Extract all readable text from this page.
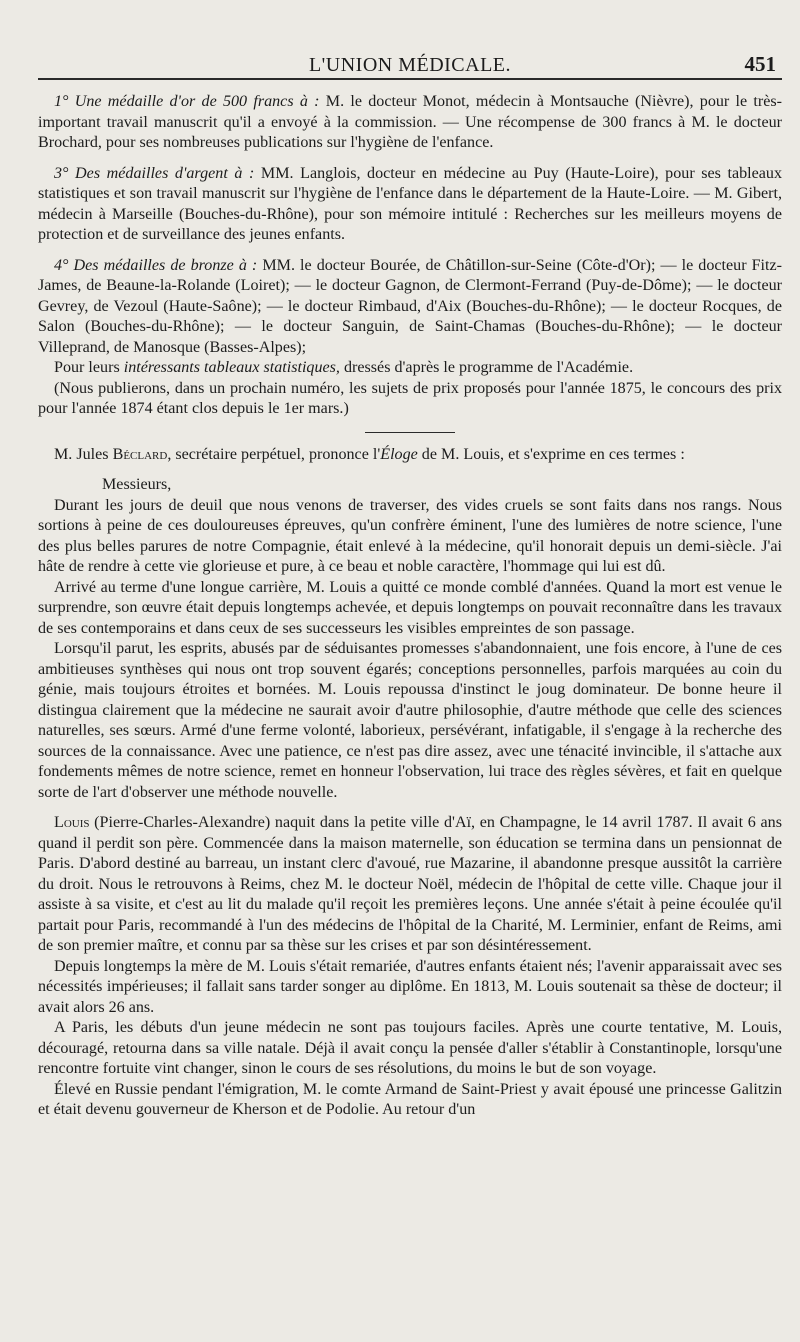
L'UNION MÉDICALE.	451

1° Une médaille d'or de 500 francs à : M. le docteur Monot, médecin à Montsauche (Nièvre), pour le très-important travail manuscrit qu'il a envoyé à la commission. — Une récompense de 300 francs à M. le docteur Brochard, pour ses nombreuses publications sur l'hygiène de l'enfance.

3° Des médailles d'argent à : MM. Langlois, docteur en médecine au Puy (Haute-Loire), pour ses tableaux statistiques et son travail manuscrit sur l'hygiène de l'enfance dans le département de la Haute-Loire. — M. Gibert, médecin à Marseille (Bouches-du-Rhône), pour son mémoire intitulé : Recherches sur les meilleurs moyens de protection et de surveillance des jeunes enfants.

4° Des médailles de bronze à : MM. le docteur Bourée, de Châtillon-sur-Seine (Côte-d'Or); — le docteur Fitz-James, de Beaune-la-Rolande (Loiret); — le docteur Gagnon, de Clermont-Ferrand (Puy-de-Dôme); — le docteur Gevrey, de Vezoul (Haute-Saône); — le docteur Rimbaud, d'Aix (Bouches-du-Rhône); — le docteur Rocques, de Salon (Bouches-du-Rhône); — le docteur Sanguin, de Saint-Chamas (Bouches-du-Rhône); — le docteur Villeprand, de Manosque (Basses-Alpes);

Pour leurs intéressants tableaux statistiques, dressés d'après le programme de l'Académie.

(Nous publierons, dans un prochain numéro, les sujets de prix proposés pour l'année 1875, le concours des prix pour l'année 1874 étant clos depuis le 1er mars.)

M. Jules Béclard, secrétaire perpétuel, prononce l'Éloge de M. Louis, et s'exprime en ces termes :

Messieurs,

Durant les jours de deuil que nous venons de traverser, des vides cruels se sont faits dans nos rangs. Nous sortions à peine de ces douloureuses épreuves, qu'un confrère éminent, l'une des lumières de notre science, l'une des plus belles parures de notre Compagnie, était enlevé à la médecine, qu'il honorait depuis un demi-siècle. J'ai hâte de rendre à cette vie glorieuse et pure, à ce beau et noble caractère, l'hommage qui lui est dû.

Arrivé au terme d'une longue carrière, M. Louis a quitté ce monde comblé d'années. Quand la mort est venue le surprendre, son œuvre était depuis longtemps achevée, et depuis longtemps on pouvait reconnaître dans les travaux de ses contemporains et dans ceux de ses successeurs les visibles empreintes de son passage.

Lorsqu'il parut, les esprits, abusés par de séduisantes promesses s'abandonnaient, une fois encore, à l'une de ces ambitieuses synthèses qui nous ont trop souvent égarés; conceptions personnelles, parfois marquées au coin du génie, mais toujours étroites et bornées. M. Louis repoussa d'instinct le joug dominateur. De bonne heure il distingua clairement que la médecine ne saurait avoir d'autre philosophie, d'autre méthode que celle des sciences naturelles, ses sœurs. Armé d'une ferme volonté, laborieux, persévérant, infatigable, il s'engage à la recherche des sources de la connaissance. Avec une patience, ce n'est pas dire assez, avec une ténacité invincible, il s'attache aux fondements mêmes de notre science, remet en honneur l'observation, lui trace des règles sévères, et fait en quelque sorte de l'art d'observer une méthode nouvelle.

Louis (Pierre-Charles-Alexandre) naquit dans la petite ville d'Aï, en Champagne, le 14 avril 1787. Il avait 6 ans quand il perdit son père. Commencée dans la maison maternelle, son éducation se termina dans un pensionnat de Paris. D'abord destiné au barreau, un instant clerc d'avoué, rue Mazarine, il abandonne presque aussitôt la carrière du droit. Nous le retrouvons à Reims, chez M. le docteur Noël, médecin de l'hôpital de cette ville. Chaque jour il assiste à sa visite, et c'est au lit du malade qu'il reçoit les premières leçons. Une année s'était à peine écoulée qu'il partait pour Paris, recommandé à l'un des médecins de l'hôpital de la Charité, M. Lerminier, enfant de Reims, ami de son premier maître, et connu par sa thèse sur les crises et par son désintéressement.

Depuis longtemps la mère de M. Louis s'était remariée, d'autres enfants étaient nés; l'avenir apparaissait avec ses nécessités impérieuses; il fallait sans tarder songer au diplôme. En 1813, M. Louis soutenait sa thèse de docteur; il avait alors 26 ans.

A Paris, les débuts d'un jeune médecin ne sont pas toujours faciles. Après une courte tentative, M. Louis, découragé, retourna dans sa ville natale. Déjà il avait conçu la pensée d'aller s'établir à Constantinople, lorsqu'une rencontre fortuite vint changer, sinon le cours de ses résolutions, du moins le but de son voyage.

Élevé en Russie pendant l'émigration, M. le comte Armand de Saint-Priest y avait épousé une princesse Galitzin et était devenu gouverneur de Kherson et de Podolie. Au retour d'un
